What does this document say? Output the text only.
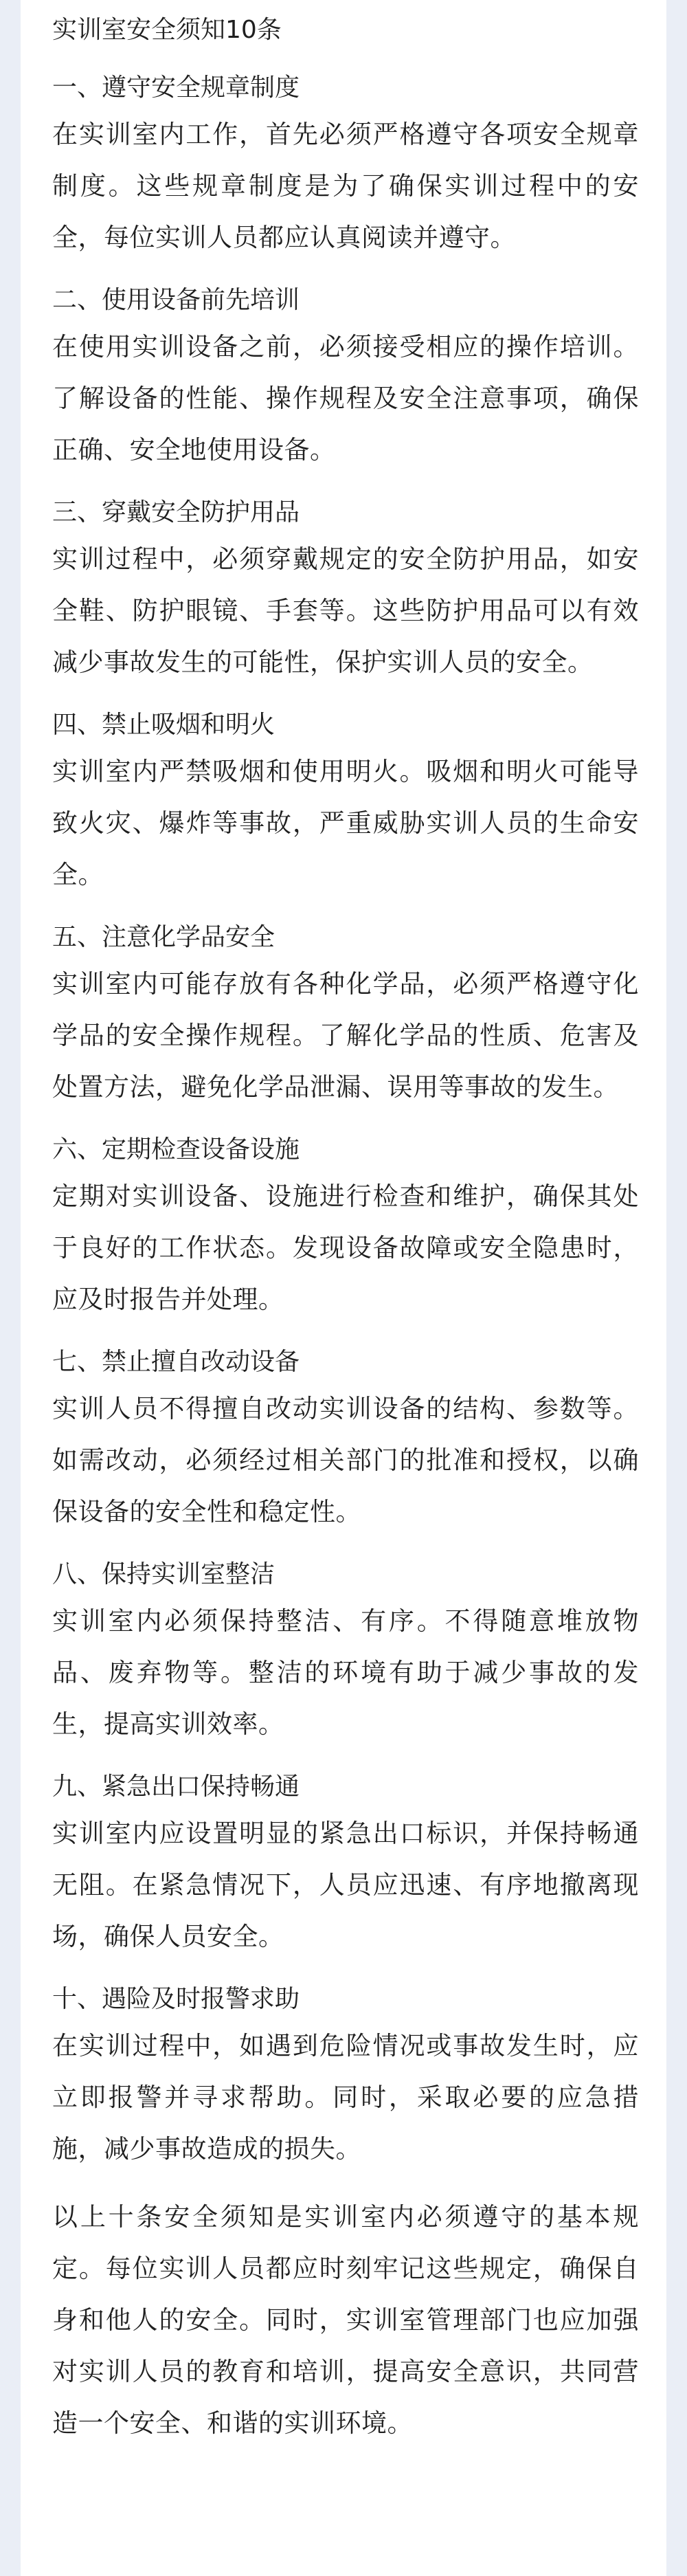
实训室安全须知10条
一、遵守安全规章制度

在实训室内工作，首先必须严格遵守各项安全规章制度。这些规章制度是为了确保实训过程中的安全，每位实训人员都应认真阅读并遵守。

二、使用设备前先培训

在使用实训设备之前，必须接受相应的操作培训。了解设备的性能、操作规程及安全注意事项，确保正确、安全地使用设备。

三、穿戴安全防护用品

实训过程中，必须穿戴规定的安全防护用品，如安全鞋、防护眼镜、手套等。这些防护用品可以有效减少事故发生的可能性，保护实训人员的安全。

四、禁止吸烟和明火

实训室内严禁吸烟和使用明火。吸烟和明火可能导致火灾、爆炸等事故，严重威胁实训人员的生命安全。

五、注意化学品安全

实训室内可能存放有各种化学品，必须严格遵守化学品的安全操作规程。了解化学品的性质、危害及处置方法，避免化学品泄漏、误用等事故的发生。

六、定期检查设备设施

定期对实训设备、设施进行检查和维护，确保其处于良好的工作状态。发现设备故障或安全隐患时，应及时报告并处理。

七、禁止擅自改动设备

实训人员不得擅自改动实训设备的结构、参数等。如需改动，必须经过相关部门的批准和授权，以确保设备的安全性和稳定性。

八、保持实训室整洁

实训室内必须保持整洁、有序。不得随意堆放物品、废弃物等。整洁的环境有助于减少事故的发生，提高实训效率。

九、紧急出口保持畅通

实训室内应设置明显的紧急出口标识，并保持畅通无阻。在紧急情况下，人员应迅速、有序地撤离现场，确保人员安全。

十、遇险及时报警求助

在实训过程中，如遇到危险情况或事故发生时，应立即报警并寻求帮助。同时，采取必要的应急措施，减少事故造成的损失。

以上十条安全须知是实训室内必须遵守的基本规定。每位实训人员都应时刻牢记这些规定，确保自身和他人的安全。同时，实训室管理部门也应加强对实训人员的教育和培训，提高安全意识，共同营造一个安全、和谐的实训环境。
